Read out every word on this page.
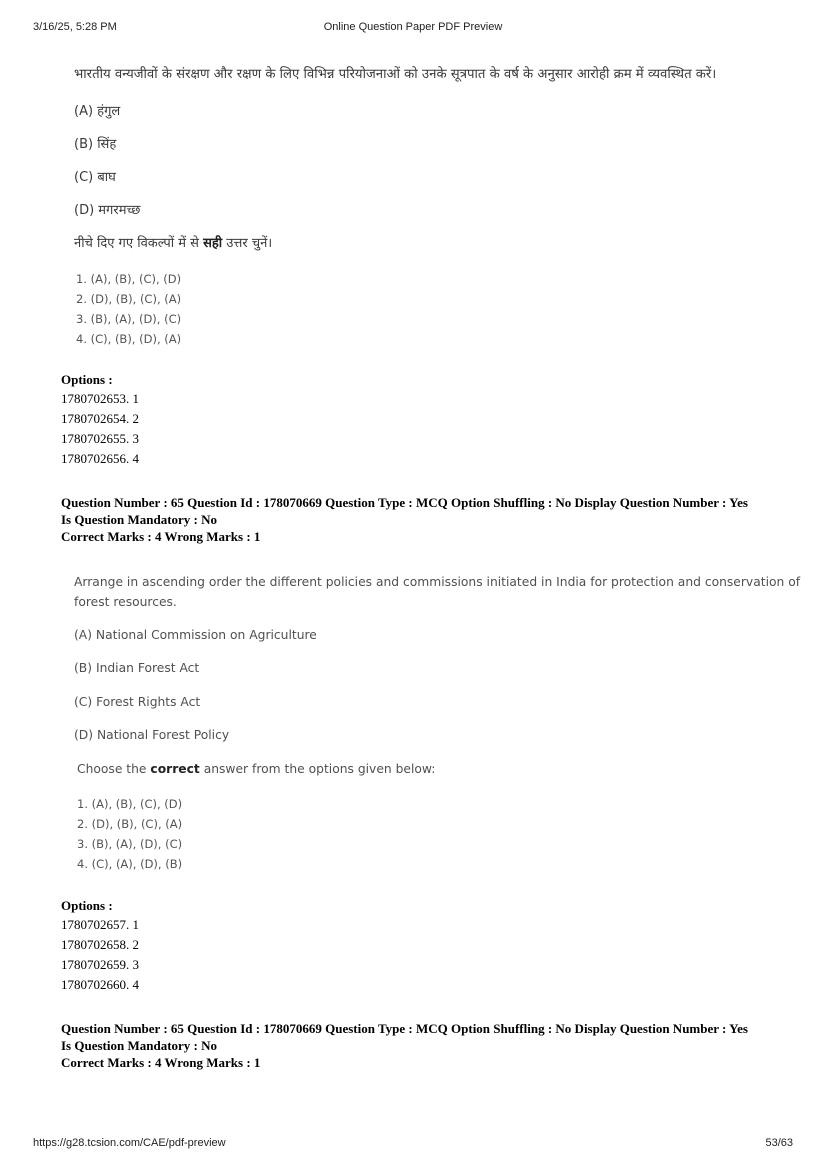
3/16/25, 5:28 PM	Online Question Paper PDF Preview
भारतीय वन्यजीवों के संरक्षण और रक्षण के लिए विभिन्न परियोजनाओं को उनके सूत्रपात के वर्ष के अनुसार आरोही क्रम में व्यवस्थित करें।
(A) हंगुल
(B) सिंह
(C) बाघ
(D) मगरमच्छ
नीचे दिए गए विकल्पों में से सही उत्तर चुनें।
1. (A), (B), (C), (D)
2. (D), (B), (C), (A)
3. (B), (A), (D), (C)
4. (C), (B), (D), (A)
Options :
1780702653. 1
1780702654. 2
1780702655. 3
1780702656. 4
Question Number : 65 Question Id : 178070669 Question Type : MCQ Option Shuffling : No Display Question Number : Yes
Is Question Mandatory : No
Correct Marks : 4 Wrong Marks : 1
Arrange in ascending order the different policies and commissions initiated in India for protection and conservation of
forest resources.
(A) National Commission on Agriculture
(B) Indian Forest Act
(C) Forest Rights Act
(D) National Forest Policy
Choose the correct answer from the options given below:
1. (A), (B), (C), (D)
2. (D), (B), (C), (A)
3. (B), (A), (D), (C)
4. (C), (A), (D), (B)
Options :
1780702657. 1
1780702658. 2
1780702659. 3
1780702660. 4
Question Number : 65 Question Id : 178070669 Question Type : MCQ Option Shuffling : No Display Question Number : Yes
Is Question Mandatory : No
Correct Marks : 4 Wrong Marks : 1
https://g28.tcsion.com/CAE/pdf-preview	53/63
